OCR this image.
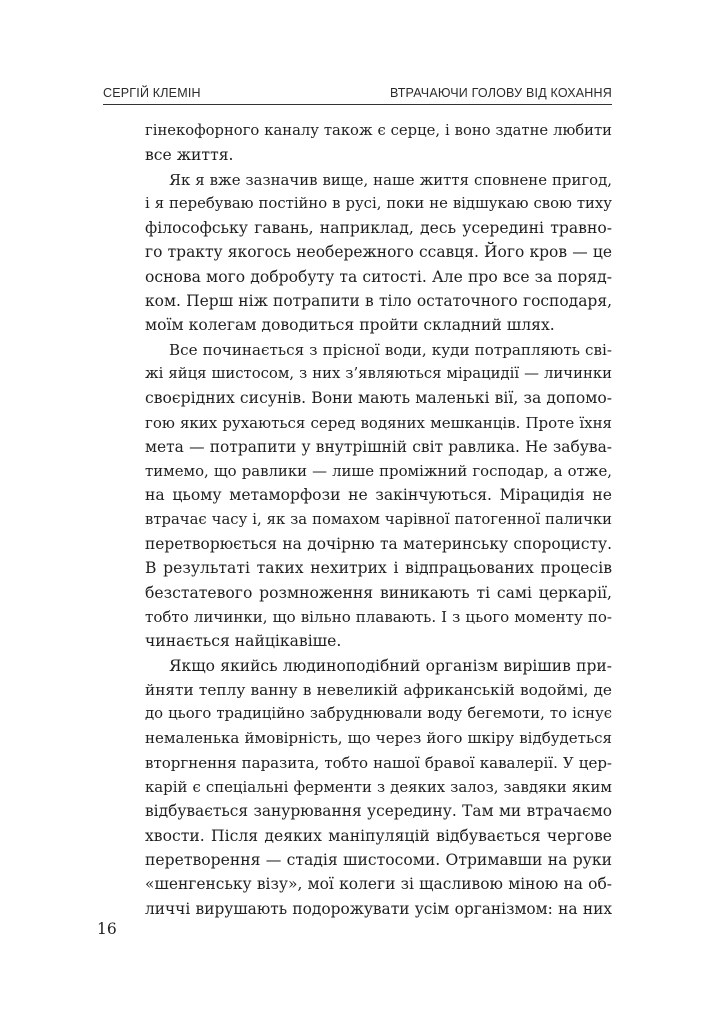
СЕРГІЙ КЛЕМІН	ВТРАЧАЮЧИ ГОЛОВУ ВІД КОХАННЯ
гінекофорного каналу також є серце, і воно здатне любити
все життя.
Як я вже зазначив вище, наше життя сповнене пригод,
і я перебуваю постійно в русі, поки не відшукаю свою тиху
філософську гавань, наприклад, десь усередині травно-
го тракту якогось необережного ссавця. Його кров — це
основа мого добробуту та ситості. Але про все за поряд-
ком. Перш ніж потрапити в тіло остаточного господаря,
моїм колегам доводиться пройти складний шлях.
Все починається з прісної води, куди потрапляють сві-
жі яйця шистосом, з них з’являються мірацидії — личинки
своєрідних сисунів. Вони мають маленькі вії, за допомо-
гою яких рухаються серед водяних мешканців. Проте їхня
мета — потрапити у внутрішній світ равлика. Не забува-
тимемо, що равлики — лише проміжний господар, а отже,
на цьому метаморфози не закінчуються. Мірацидія не
втрачає часу і, як за помахом чарівної патогенної палички
перетворюється на дочірню та материнську спороцисту.
В результаті таких нехитрих і відпрацьованих процесів
безстатевого розмноження виникають ті самі церкарії,
тобто личинки, що вільно плавають. І з цього моменту по-
чинається найцікавіше.
Якщо якийсь людиноподібний організм вирішив при-
йняти теплу ванну в невеликій африканській водоймі, де
до цього традиційно забруднювали воду бегемоти, то існує
немаленька ймовірність, що через його шкіру відбудеться
вторгнення паразита, тобто нашої бравої кавалерії. У цер-
карій є спеціальні ферменти з деяких залоз, завдяки яким
відбувається занурювання усередину. Там ми втрачаємо
хвости. Після деяких маніпуляцій відбувається чергове
перетворення — стадія шистосоми. Отримавши на руки
«шенгенську візу», мої колеги зі щасливою міною на об-
личчі вирушають подорожувати усім організмом: на них
16
